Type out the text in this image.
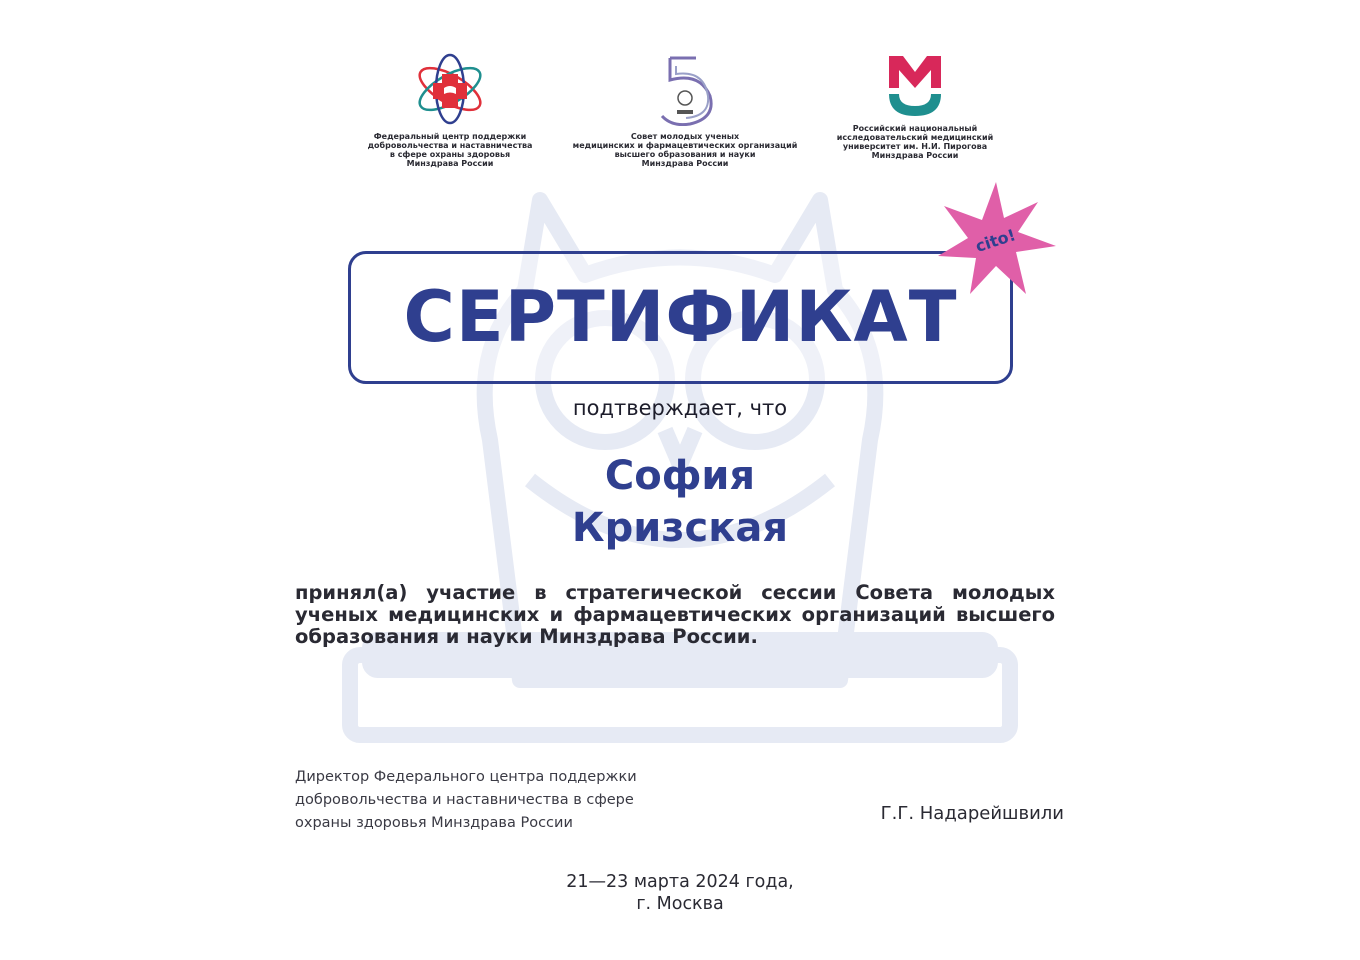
Федеральный центр поддержки
добровольчества и наставничества
в сфере охраны здоровья
Минздрава России
Совет молодых ученых
медицинских и фармацевтических организаций
высшего образования и науки
Минздрава России
Российский национальный
исследовательский медицинский
университет им. Н.И. Пирогова
Минздрава России
СЕРТИФИКАТ
cito!
подтверждает, что
София
Кризская
принял(а) участие в стратегической сессии Совета молодых ученых медицинских и фармацевтических организаций высшего образования и науки Минздрава России.
Директор Федерального центра поддержки добровольчества и наставничества в сфере охраны здоровья Минздрава России	Г.Г. Надарейшвили
21—23 марта 2024 года,
г. Москва
